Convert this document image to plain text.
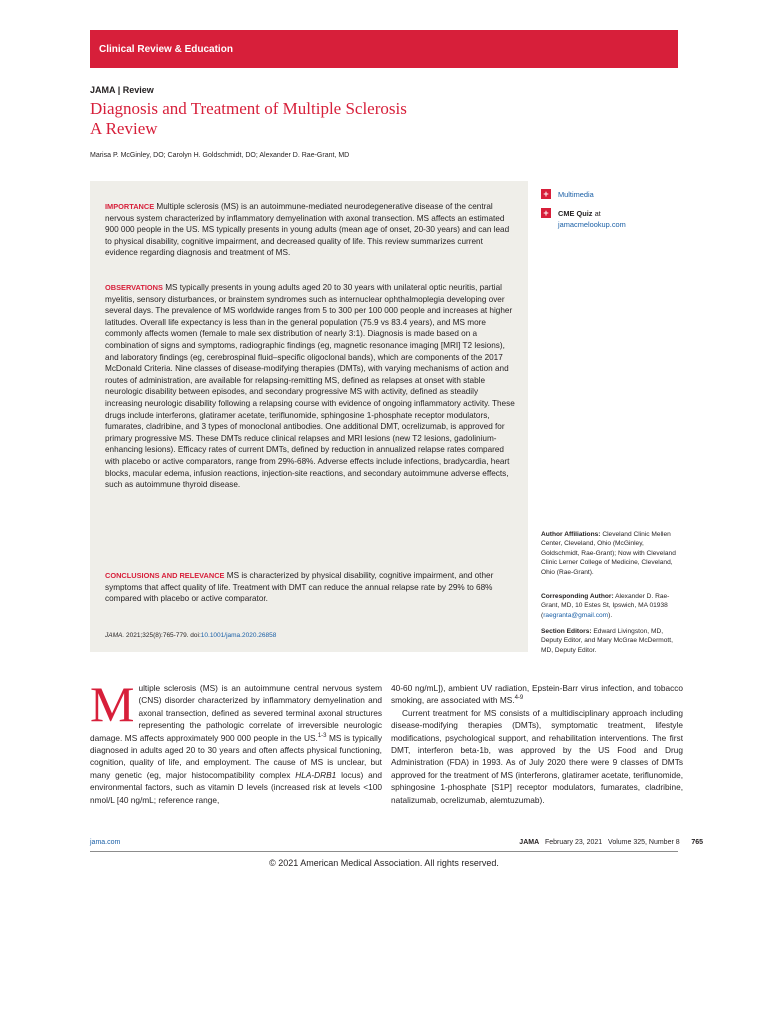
Clinical Review & Education
JAMA | Review
Diagnosis and Treatment of Multiple Sclerosis
A Review
Marisa P. McGinley, DO; Carolyn H. Goldschmidt, DO; Alexander D. Rae-Grant, MD

IMPORTANCE Multiple sclerosis (MS) is an autoimmune-mediated neurodegenerative disease of the central nervous system characterized by inflammatory demyelination with axonal transection. MS affects an estimated 900 000 people in the US. MS typically presents in young adults (mean age of onset, 20-30 years) and can lead to physical disability, cognitive impairment, and decreased quality of life. This review summarizes current evidence regarding diagnosis and treatment of MS.

OBSERVATIONS MS typically presents in young adults aged 20 to 30 years with unilateral optic neuritis, partial myelitis, sensory disturbances, or brainstem syndromes such as internuclear ophthalmoplegia developing over several days. The prevalence of MS worldwide ranges from 5 to 300 per 100 000 people and increases at higher latitudes. Overall life expectancy is less than in the general population (75.9 vs 83.4 years), and MS more commonly affects women (female to male sex distribution of nearly 3:1). Diagnosis is made based on a combination of signs and symptoms, radiographic findings (eg, magnetic resonance imaging [MRI] T2 lesions), and laboratory findings (eg, cerebrospinal fluid–specific oligoclonal bands), which are components of the 2017 McDonald Criteria. Nine classes of disease-modifying therapies (DMTs), with varying mechanisms of action and routes of administration, are available for relapsing-remitting MS, defined as relapses at onset with stable neurologic disability between episodes, and secondary progressive MS with activity, defined as steadily increasing neurologic disability following a relapsing course with evidence of ongoing inflammatory activity. These drugs include interferons, glatiramer acetate, teriflunomide, sphingosine 1-phosphate receptor modulators, fumarates, cladribine, and 3 types of monoclonal antibodies. One additional DMT, ocrelizumab, is approved for primary progressive MS. These DMTs reduce clinical relapses and MRI lesions (new T2 lesions, gadolinium-enhancing lesions). Efficacy rates of current DMTs, defined by reduction in annualized relapse rates compared with placebo or active comparators, range from 29%-68%. Adverse effects include infections, bradycardia, heart blocks, macular edema, infusion reactions, injection-site reactions, and secondary autoimmune adverse effects, such as autoimmune thyroid disease.

CONCLUSIONS AND RELEVANCE MS is characterized by physical disability, cognitive impairment, and other symptoms that affect quality of life. Treatment with DMT can reduce the annual relapse rate by 29% to 68% compared with placebo or active comparator.

JAMA. 2021;325(8):765-779. doi:10.1001/jama.2020.26858
+	Multimedia
+	CME Quiz at
jamacmelookup.com

Author Affiliations: Cleveland Clinic Mellen Center, Cleveland, Ohio (McGinley, Goldschmidt, Rae-Grant); Now with Cleveland Clinic Lerner College of Medicine, Cleveland, Ohio (Rae-Grant).

Corresponding Author: Alexander D. Rae-Grant, MD, 10 Estes St, Ipswich, MA 01938 (raegranta@gmail.com).

Section Editors: Edward Livingston, MD, Deputy Editor, and Mary McGrae McDermott, MD, Deputy Editor.

Multiple sclerosis (MS) is an autoimmune central nervous system (CNS) disorder characterized by inflammatory demyelination and axonal transection, defined as severed terminal axonal structures representing the pathologic correlate of irreversible neurologic damage. MS affects approximately 900 000 people in the US.$^{1-3}$ MS is typically diagnosed in adults aged 20 to 30 years and often affects physical functioning, cognition, quality of life, and employment. The cause of MS is unclear, but many genetic (eg, major histocompatibility complex HLA-DRB1 locus) and environmental factors, such as vitamin D levels (increased risk at levels <100 nmol/L [40 ng/mL; reference range,

40-60 ng/mL]), ambient UV radiation, Epstein-Barr virus infection, and tobacco smoking, are associated with MS.$^{4-9}$

Current treatment for MS consists of a multidisciplinary approach including disease-modifying therapies (DMTs), symptomatic treatment, lifestyle modifications, psychological support, and rehabilitation interventions. The first DMT, interferon beta-1b, was approved by the US Food and Drug Administration (FDA) in 1993. As of July 2020 there were 9 classes of DMTs approved for the treatment of MS (interferons, glatiramer acetate, teriflunomide, sphingosine 1-phosphate [S1P] receptor modulators, fumarates, cladribine, natalizumab, ocrelizumab, alemtuzumab).

jama.com	JAMA February 23, 2021 Volume 325, Number 8 765
© 2021 American Medical Association. All rights reserved.
